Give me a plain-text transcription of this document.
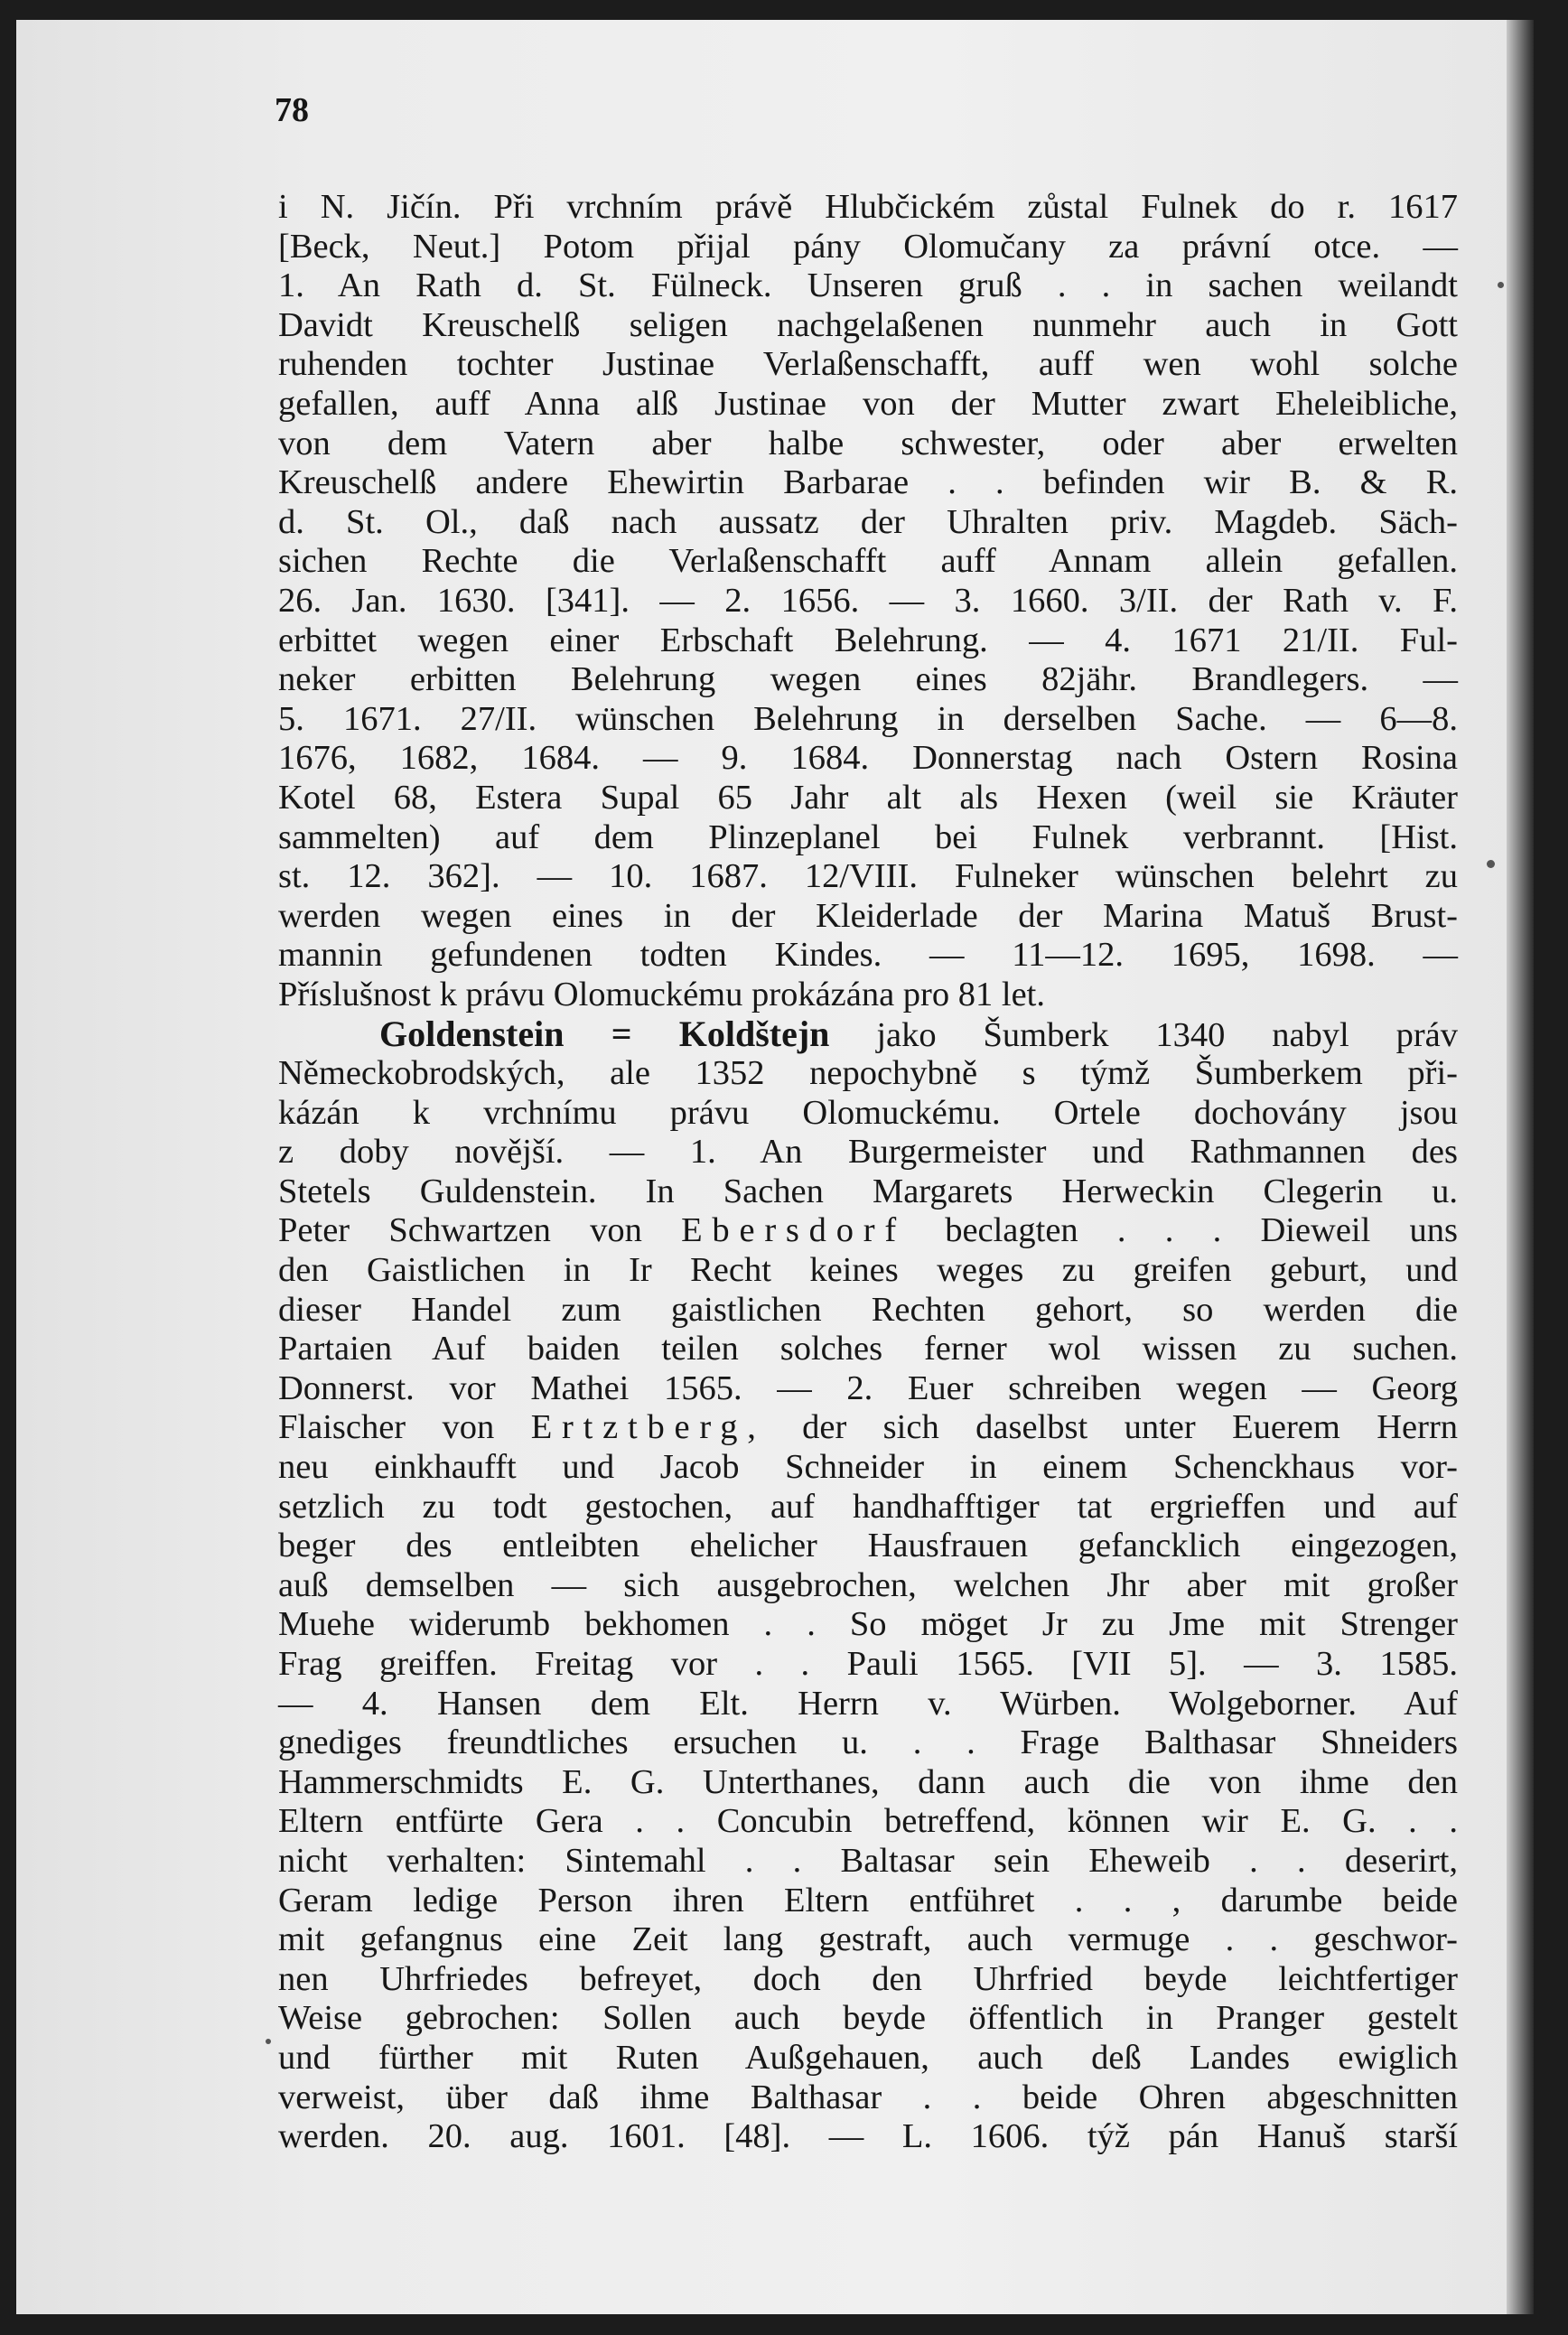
78
i N. Jičín. Při vrchním právě Hlubčickém zůstal Fulnek do r. 1617
[Beck, Neut.] Potom přijal pány Olomučany za právní otce. —
1. An Rath d. St. Fülneck. Unseren gruß . . in sachen weilandt
Davidt Kreuschelß seligen nachgelaßenen nunmehr auch in Gott
ruhenden tochter Justinae Verlaßenschafft, auff wen wohl solche
gefallen, auff Anna alß Justinae von der Mutter zwart Eheleibliche,
von dem Vatern aber halbe schwester, oder aber erwelten
Kreuschelß andere Ehewirtin Barbarae . . befinden wir B. & R.
d. St. Ol., daß nach aussatz der Uhralten priv. Magdeb. Säch-
sichen Rechte die Verlaßenschafft auff Annam allein gefallen.
26. Jan. 1630. [341]. — 2. 1656. — 3. 1660. 3/II. der Rath v. F.
erbittet wegen einer Erbschaft Belehrung. — 4. 1671 21/II. Ful-
neker erbitten Belehrung wegen eines 82jähr. Brandlegers. —
5. 1671. 27/II. wünschen Belehrung in derselben Sache. — 6—8.
1676, 1682, 1684. — 9. 1684. Donnerstag nach Ostern Rosina
Kotel 68, Estera Supal 65 Jahr alt als Hexen (weil sie Kräuter
sammelten) auf dem Plinzeplanel bei Fulnek verbrannt. [Hist.
st. 12. 362]. — 10. 1687. 12/VIII. Fulneker wünschen belehrt zu
werden wegen eines in der Kleiderlade der Marina Matuš Brust-
mannin gefundenen todten Kindes. — 11—12. 1695, 1698. —
Příslušnost k právu Olomuckému prokázána pro 81 let.
Goldenstein = Koldštejn jako Šumberk 1340 nabyl práv
Německobrodských, ale 1352 nepochybně s týmž Šumberkem při-
kázán k vrchnímu právu Olomuckému. Ortele dochovány jsou
z doby novější. — 1. An Burgermeister und Rathmannen des
Stetels Guldenstein. In Sachen Margarets Herweckin Clegerin u.
Peter Schwartzen von Ebersdorf beclagten . . . Dieweil uns
den Gaistlichen in Ir Recht keines weges zu greifen geburt, und
dieser Handel zum gaistlichen Rechten gehort, so werden die
Partaien Auf baiden teilen solches ferner wol wissen zu suchen.
Donnerst. vor Mathei 1565. — 2. Euer schreiben wegen — Georg
Flaischer von Ertztberg, der sich daselbst unter Euerem Herrn
neu einkhaufft und Jacob Schneider in einem Schenckhaus vor-
setzlich zu todt gestochen, auf handhafftiger tat ergrieffen und auf
beger des entleibten ehelicher Hausfrauen gefancklich eingezogen,
auß demselben — sich ausgebrochen, welchen Jhr aber mit großer
Muehe widerumb bekhomen . . So möget Jr zu Jme mit Strenger
Frag greiffen. Freitag vor . . Pauli 1565. [VII 5]. — 3. 1585.
— 4. Hansen dem Elt. Herrn v. Würben. Wolgeborner. Auf
gnediges freundtliches ersuchen u. . . Frage Balthasar Shneiders
Hammerschmidts E. G. Unterthanes, dann auch die von ihme den
Eltern entfürte Gera . . Concubin betreffend, können wir E. G. . .
nicht verhalten: Sintemahl . . Baltasar sein Eheweib . . deserirt,
Geram ledige Person ihren Eltern entführet . . , darumbe beide
mit gefangnus eine Zeit lang gestraft, auch vermuge . . geschwor-
nen Uhrfriedes befreyet, doch den Uhrfried beyde leichtfertiger
Weise gebrochen: Sollen auch beyde öffentlich in Pranger gestelt
und fürther mit Ruten Außgehauen, auch deß Landes ewiglich
verweist, über daß ihme Balthasar . . beide Ohren abgeschnitten
werden. 20. aug. 1601. [48]. — L. 1606. týž pán Hanuš starší
